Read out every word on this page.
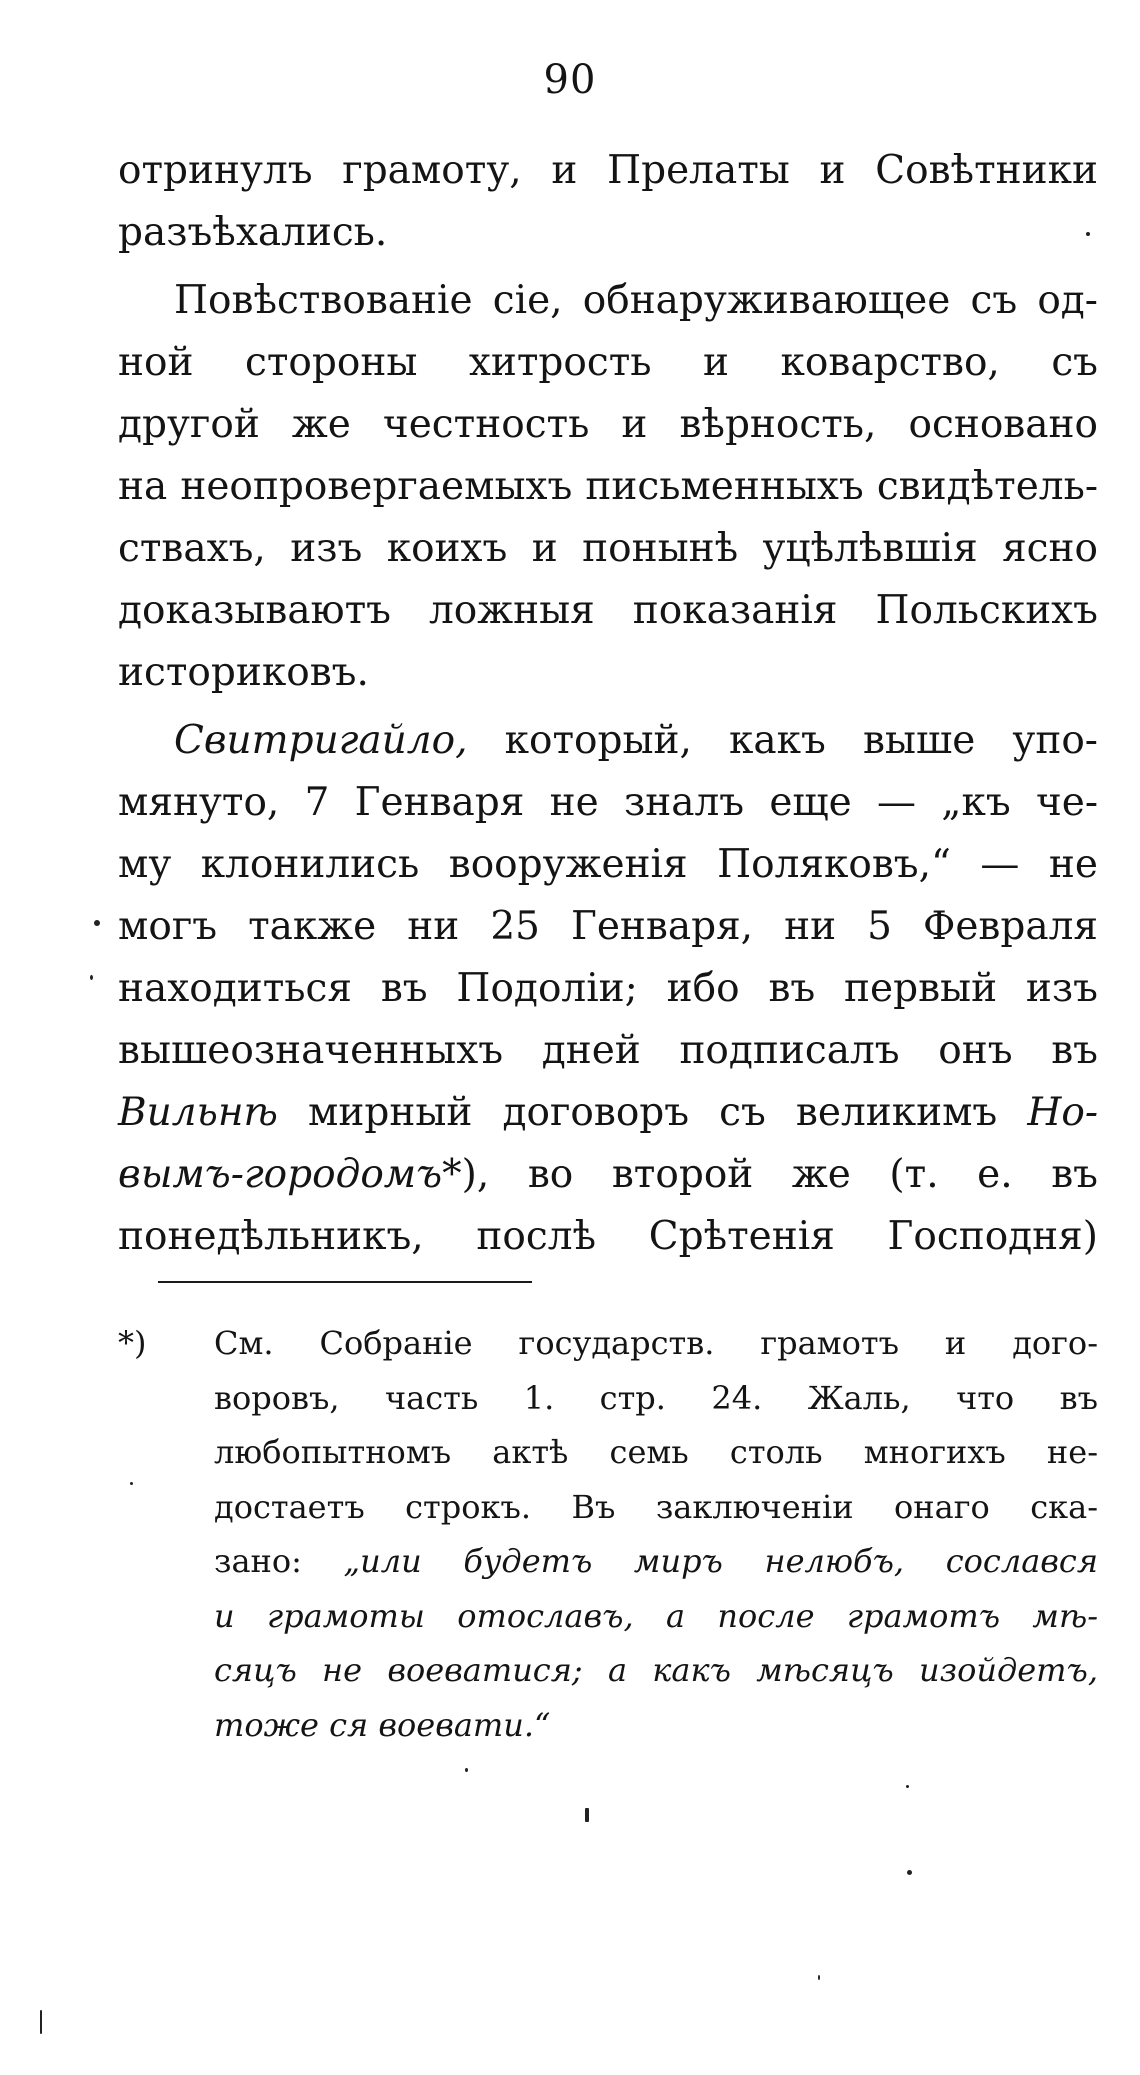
90
отринулъ грамоту, и Прелаты и Совѣтники
разъѣхались.
Повѣствованіе сіе, обнаруживающее съ од-
ной стороны хитрость и коварство, съ
другой же честность и вѣрность, основано
на неопровергаемыхъ письменныхъ свидѣтель-
ствахъ, изъ коихъ и понынѣ уцѣлѣвшія ясно
доказываютъ ложныя показанія Польскихъ
историковъ.
Свитригайло, который, какъ выше упо-
мянуто, 7 Генваря не зналъ еще — „къ че-
му клонились вооруженія Поляковъ,“ — не
могъ также ни 25 Генваря, ни 5 Февраля
находиться въ Подоліи; ибо въ первый изъ
вышеозначенныхъ дней подписалъ онъ въ
Вильнѣ мирный договоръ съ великимъ Но-
вымъ-городомъ*), во второй же (т. е. въ
понедѣльникъ, послѣ Срѣтенія Господня)
*) См. Собраніе государств. грамотъ и дого-
воровъ, часть 1. стр. 24. Жаль, что въ
любопытномъ актѣ семь столь многихъ не-
достаетъ строкъ. Въ заключеніи онаго ска-
зано: „или будетъ миръ нелюбъ, сослався
и грамоты отославъ, а после грамотъ мѣ-
сяцъ не воеватися; а какъ мѣсяцъ изойдетъ,
тоже ся воевати.“
